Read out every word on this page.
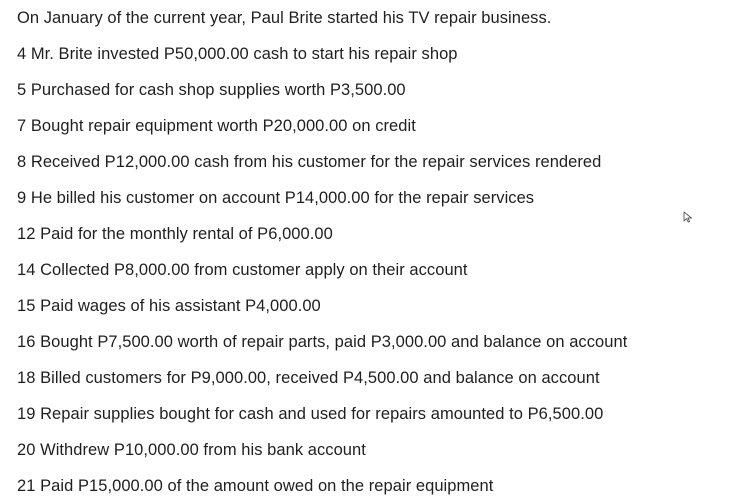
On January of the current year, Paul Brite started his TV repair business.
4 Mr. Brite invested P50,000.00 cash to start his repair shop
5 Purchased for cash shop supplies worth P3,500.00
7 Bought repair equipment worth P20,000.00 on credit
8 Received P12,000.00 cash from his customer for the repair services rendered
9 He billed his customer on account P14,000.00 for the repair services
12 Paid for the monthly rental of P6,000.00
14 Collected P8,000.00 from customer apply on their account
15 Paid wages of his assistant P4,000.00
16 Bought P7,500.00 worth of repair parts, paid P3,000.00 and balance on account
18 Billed customers for P9,000.00, received P4,500.00 and balance on account
19 Repair supplies bought for cash and used for repairs amounted to P6,500.00
20 Withdrew P10,000.00 from his bank account
21 Paid P15,000.00 of the amount owed on the repair equipment
